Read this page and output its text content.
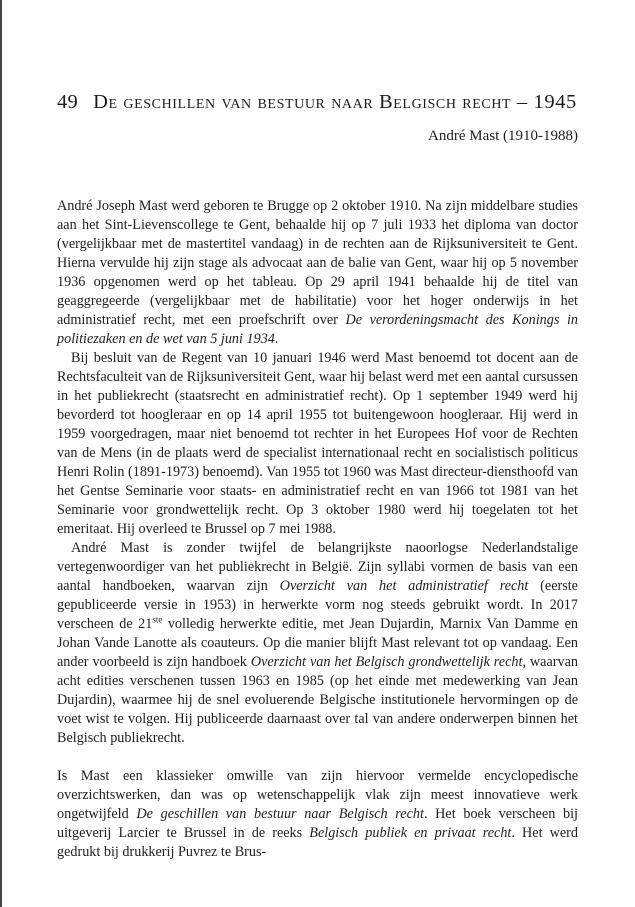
49 De geschillen van bestuur naar Belgisch recht – 1945
André Mast (1910-1988)

André Joseph Mast werd geboren te Brugge op 2 oktober 1910. Na zijn middelbare studies aan het Sint-Lievenscollege te Gent, behaalde hij op 7 juli 1933 het diploma van doctor (vergelijkbaar met de mastertitel vandaag) in de rechten aan de Rijksuniversiteit te Gent. Hierna vervulde hij zijn stage als advocaat aan de balie van Gent, waar hij op 5 november 1936 opgenomen werd op het tableau. Op 29 april 1941 behaalde hij de titel van geaggregeerde (vergelijkbaar met de habilitatie) voor het hoger onderwijs in het administratief recht, met een proefschrift over De verordeningsmacht des Konings in politiezaken en de wet van 5 juni 1934.

Bij besluit van de Regent van 10 januari 1946 werd Mast benoemd tot docent aan de Rechtsfaculteit van de Rijksuniversiteit Gent, waar hij belast werd met een aantal cursussen in het publiekrecht (staatsrecht en administratief recht). Op 1 september 1949 werd hij bevorderd tot hoogleraar en op 14 april 1955 tot buitengewoon hoogleraar. Hij werd in 1959 voorgedragen, maar niet benoemd tot rechter in het Europees Hof voor de Rechten van de Mens (in de plaats werd de specialist internationaal recht en socialistisch politicus Henri Rolin (1891-1973) benoemd). Van 1955 tot 1960 was Mast directeur-diensthoofd van het Gentse Seminarie voor staats- en administratief recht en van 1966 tot 1981 van het Seminarie voor grondwettelijk recht. Op 3 oktober 1980 werd hij toegelaten tot het emeritaat. Hij overleed te Brussel op 7 mei 1988.

André Mast is zonder twijfel de belangrijkste naoorlogse Nederlandstalige vertegenwoordiger van het publiekrecht in België. Zijn syllabi vormen de basis van een aantal handboeken, waarvan zijn Overzicht van het administratief recht (eerste gepubliceerde versie in 1953) in herwerkte vorm nog steeds gebruikt wordt. In 2017 verscheen de 21ste volledig herwerkte editie, met Jean Dujardin, Marnix Van Damme en Johan Vande Lanotte als coauteurs. Op die manier blijft Mast relevant tot op vandaag. Een ander voorbeeld is zijn handboek Overzicht van het Belgisch grondwettelijk recht, waarvan acht edities verschenen tussen 1963 en 1985 (op het einde met medewerking van Jean Dujardin), waarmee hij de snel evoluerende Belgische institutionele hervormingen op de voet wist te volgen. Hij publiceerde daarnaast over tal van andere onderwerpen binnen het Belgisch publiekrecht.

Is Mast een klassieker omwille van zijn hiervoor vermelde encyclopedische overzichtswerken, dan was op wetenschappelijk vlak zijn meest innovatieve werk ongetwijfeld De geschillen van bestuur naar Belgisch recht. Het boek verscheen bij uitgeverij Larcier te Brussel in de reeks Belgisch publiek en privaat recht. Het werd gedrukt bij drukkerij Puvrez te Brus-
